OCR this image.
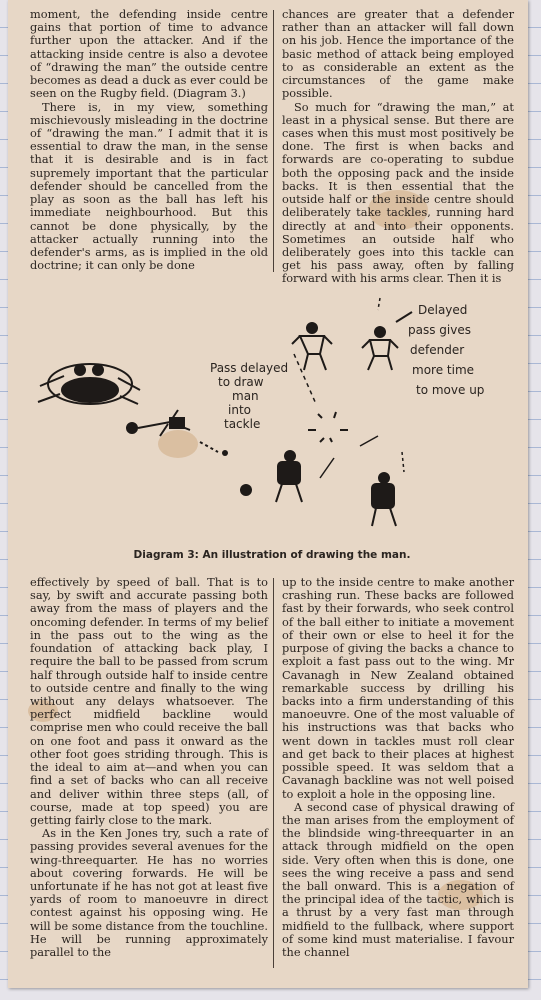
moment, the defending inside centre gains that portion of time to advance further upon the attacker. And if the attacking inside centre is also a devotee of “drawing the man” the outside centre becomes as dead a duck as ever could be seen on the Rugby field. (Diagram 3.)

There is, in my view, something mischievously misleading in the doctrine of “drawing the man.” I admit that it is essential to draw the man, in the sense that it is desirable and is in fact supremely important that the particular defender should be cancelled from the play as soon as the ball has left his immediate neighbourhood. But this cannot be done physically, by the attacker actually running into the defender's arms, as is implied in the old doctrine; it can only be done

chances are greater that a defender rather than an attacker will fall down on his job. Hence the importance of the basic method of attack being employed to as considerable an extent as the circumstances of the game make possible.

So much for “drawing the man,” at least in a physical sense. But there are cases when this must most positively be done. The first is when backs and forwards are co-operating to subdue both the opposing pack and the inside backs. It is then essential that the outside half or the inside centre should deliberately take tackles, running hard directly at and into their opponents. Sometimes an outside half who deliberately goes into this tackle can get his pass away, often by falling forward with his arms clear. Then it is

Pass delayed to draw man into tackle
Delayed pass gives defender more time to move up
Diagram 3: An illustration of drawing the man.

effectively by speed of ball. That is to say, by swift and accurate passing both away from the mass of players and the oncoming defender. In terms of my belief in the pass out to the wing as the foundation of attacking back play, I require the ball to be passed from scrum half through outside half to inside centre to outside centre and finally to the wing without any delays whatsoever. The perfect midfield backline would comprise men who could receive the ball on one foot and pass it onward as the other foot goes striding through. This is the ideal to aim at—and when you can find a set of backs who can all receive and deliver within three steps (all, of course, made at top speed) you are getting fairly close to the mark.

As in the Ken Jones try, such a rate of passing provides several avenues for the wing-threequarter. He has no worries about covering forwards. He will be unfortunate if he has not got at least five yards of room to manoeuvre in direct contest against his opposing wing. He will be some distance from the touchline. He will be running approximately parallel to the

up to the inside centre to make another crashing run. These backs are followed fast by their forwards, who seek control of the ball either to initiate a movement of their own or else to heel it for the purpose of giving the backs a chance to exploit a fast pass out to the wing. Mr Cavanagh in New Zealand obtained remarkable success by drilling his backs into a firm understanding of this manoeuvre. One of the most valuable of his instructions was that backs who went down in tackles must roll clear and get back to their places at highest possible speed. It was seldom that a Cavanagh backline was not well poised to exploit a hole in the opposing line.

A second case of physical drawing of the man arises from the employment of the blindside wing-threequarter in an attack through midfield on the open side. Very often when this is done, one sees the wing receive a pass and send the ball onward. This is a negation of the principal idea of the tactic, which is a thrust by a very fast man through midfield to the fullback, where support of some kind must materialise. I favour the channel
